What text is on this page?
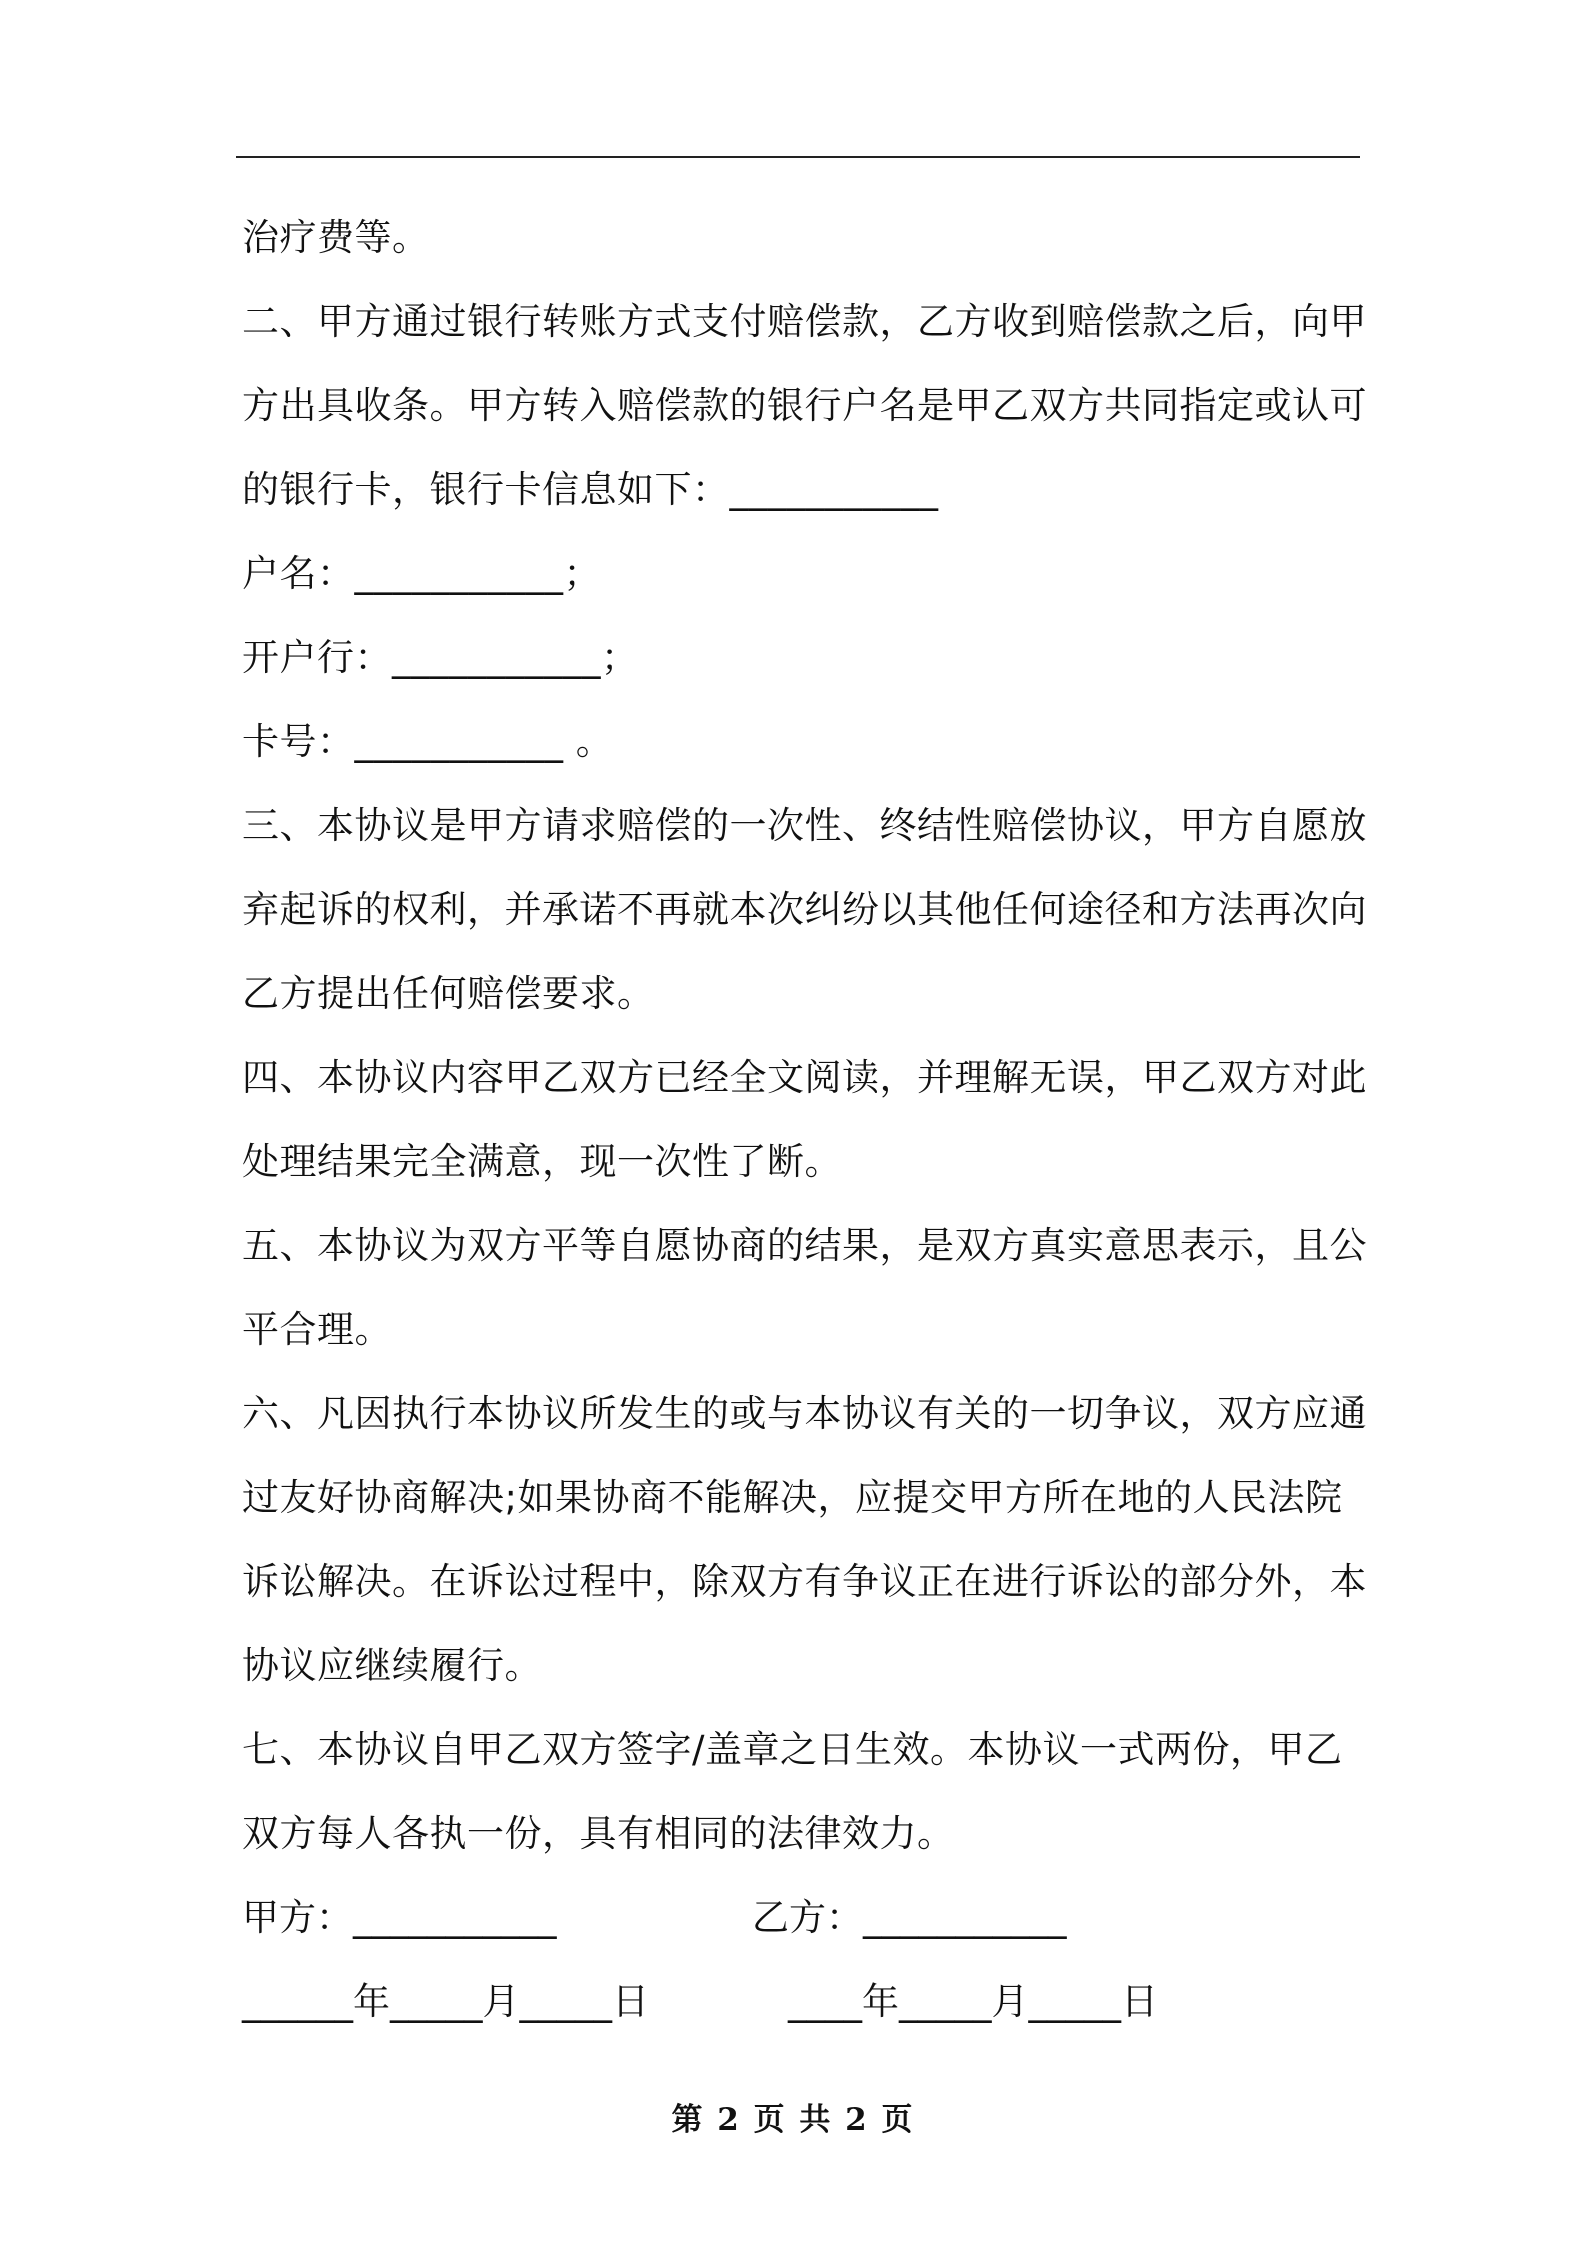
治疗费等。
二、甲方通过银行转账方式支付赔偿款，乙方收到赔偿款之后，向甲
方出具收条。甲方转入赔偿款的银行户名是甲乙双方共同指定或认可
的银行卡，银行卡信息如下：___________
户名：___________；
开户行：___________；
卡号：___________ 。
三、本协议是甲方请求赔偿的一次性、终结性赔偿协议，甲方自愿放
弃起诉的权利，并承诺不再就本次纠纷以其他任何途径和方法再次向
乙方提出任何赔偿要求。
四、本协议内容甲乙双方已经全文阅读，并理解无误，甲乙双方对此
处理结果完全满意，现一次性了断。
五、本协议为双方平等自愿协商的结果，是双方真实意思表示，且公
平合理。
六、凡因执行本协议所发生的或与本协议有关的一切争议，双方应通
过友好协商解决;如果协商不能解决，应提交甲方所在地的人民法院
诉讼解决。在诉讼过程中，除双方有争议正在进行诉讼的部分外，本
协议应继续履行。
七、本协议自甲乙双方签字/盖章之日生效。本协议一式两份，甲乙
双方每人各执一份，具有相同的法律效力。
甲方：___________	乙方：___________
______年_____月_____日	____年_____月_____日
第 2 页 共 2 页
